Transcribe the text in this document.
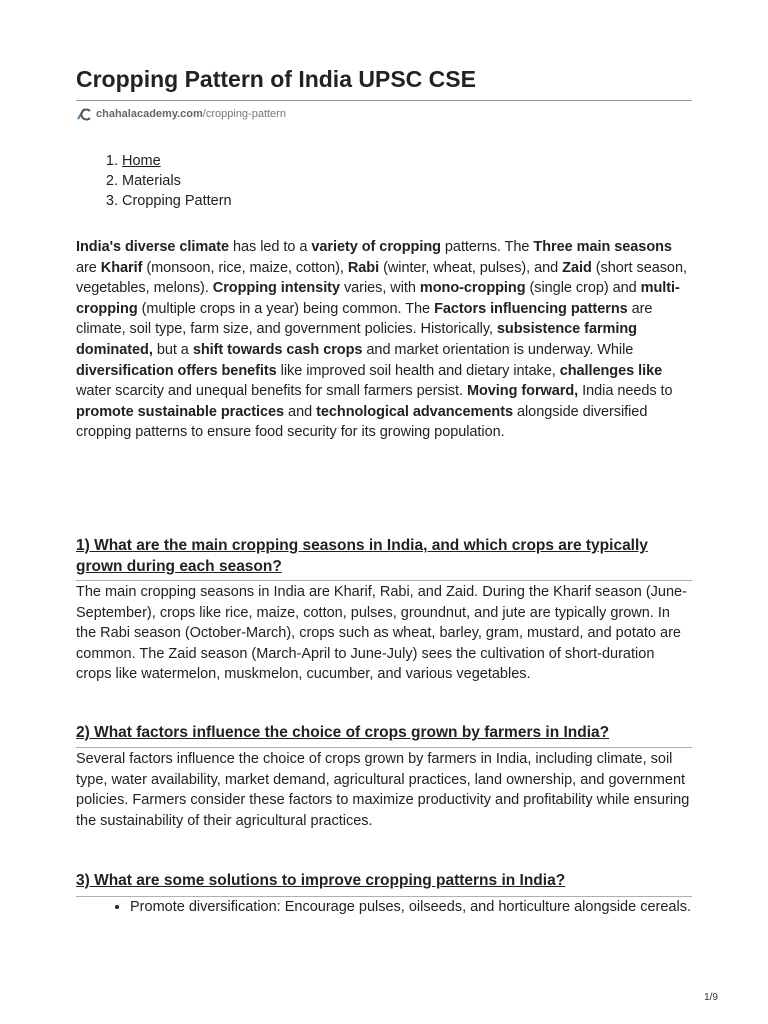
Cropping Pattern of India UPSC CSE
chahalacademy.com /cropping-pattern
1. Home
2. Materials
3. Cropping Pattern

India's diverse climate has led to a variety of cropping patterns. The Three main seasons are Kharif (monsoon, rice, maize, cotton), Rabi (winter, wheat, pulses), and Zaid (short season, vegetables, melons). Cropping intensity varies, with mono-cropping (single crop) and multi-cropping (multiple crops in a year) being common. The Factors influencing patterns are climate, soil type, farm size, and government policies. Historically, subsistence farming dominated, but a shift towards cash crops and market orientation is underway. While diversification offers benefits like improved soil health and dietary intake, challenges like water scarcity and unequal benefits for small farmers persist. Moving forward, India needs to promote sustainable practices and technological advancements alongside diversified cropping patterns to ensure food security for its growing population.

1) What are the main cropping seasons in India, and which crops are typically grown during each season?

The main cropping seasons in India are Kharif, Rabi, and Zaid. During the Kharif season (June-September), crops like rice, maize, cotton, pulses, groundnut, and jute are typically grown. In the Rabi season (October-March), crops such as wheat, barley, gram, mustard, and potato are common. The Zaid season (March-April to June-July) sees the cultivation of short-duration crops like watermelon, muskmelon, cucumber, and various vegetables.

2) What factors influence the choice of crops grown by farmers in India?

Several factors influence the choice of crops grown by farmers in India, including climate, soil type, water availability, market demand, agricultural practices, land ownership, and government policies. Farmers consider these factors to maximize productivity and profitability while ensuring the sustainability of their agricultural practices.

3) What are some solutions to improve cropping patterns in India?
• Promote diversification: Encourage pulses, oilseeds, and horticulture alongside cereals.
1/9
